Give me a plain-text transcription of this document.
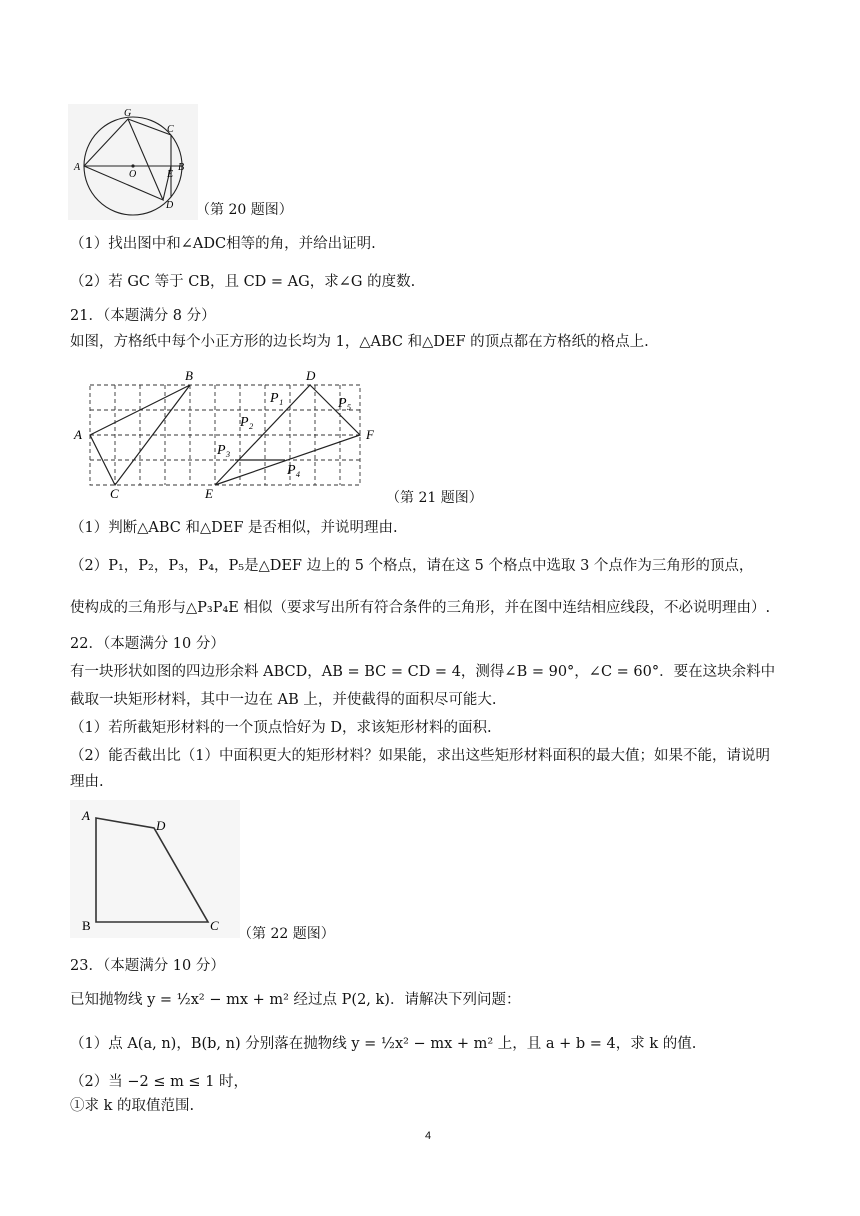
A
G
C
B
O	E
D （第 20 题图）
（1）找出图中和∠ADC相等的角，并给出证明.
（2）若 GC 等于 CB，且 CD = AG，求∠G 的度数.
21．（本题满分 8 分）
如图，方格纸中每个小正方形的边长均为 1，△ABC 和△DEF 的顶点都在方格纸的格点上.
A
B
C
D
E
F
P₁
P₂
P₃
P₄
P₅
（第 21 题图）
（1）判断△ABC 和△DEF 是否相似，并说明理由.
（2）P₁，P₂，P₃，P₄，P₅是△DEF 边上的 5 个格点，请在这 5 个格点中选取 3 个点作为三角形的顶点，
使构成的三角形与△P₃P₄E 相似（要求写出所有符合条件的三角形，并在图中连结相应线段，不必说明理由）.
22．（本题满分 10 分）
有一块形状如图的四边形余料 ABCD，AB = BC = CD = 4，测得∠B = 90°，∠C = 60°．要在这块余料中
截取一块矩形材料，其中一边在 AB 上，并使截得的面积尽可能大.
（1）若所截矩形材料的一个顶点恰好为 D，求该矩形材料的面积.
（2）能否截出比（1）中面积更大的矩形材料？如果能，求出这些矩形材料面积的最大值；如果不能，请说明
理由.
A
D
B	C
（第 22 题图）
23．（本题满分 10 分）
已知抛物线 y = ½x² − mx + m² 经过点 P(2, k)．请解决下列问题：
（1）点 A(a, n)，B(b, n) 分别落在抛物线 y = ½x² − mx + m² 上，且 a + b = 4，求 k 的值.
（2）当 −2 ≤ m ≤ 1 时，
①求 k 的取值范围.
4
